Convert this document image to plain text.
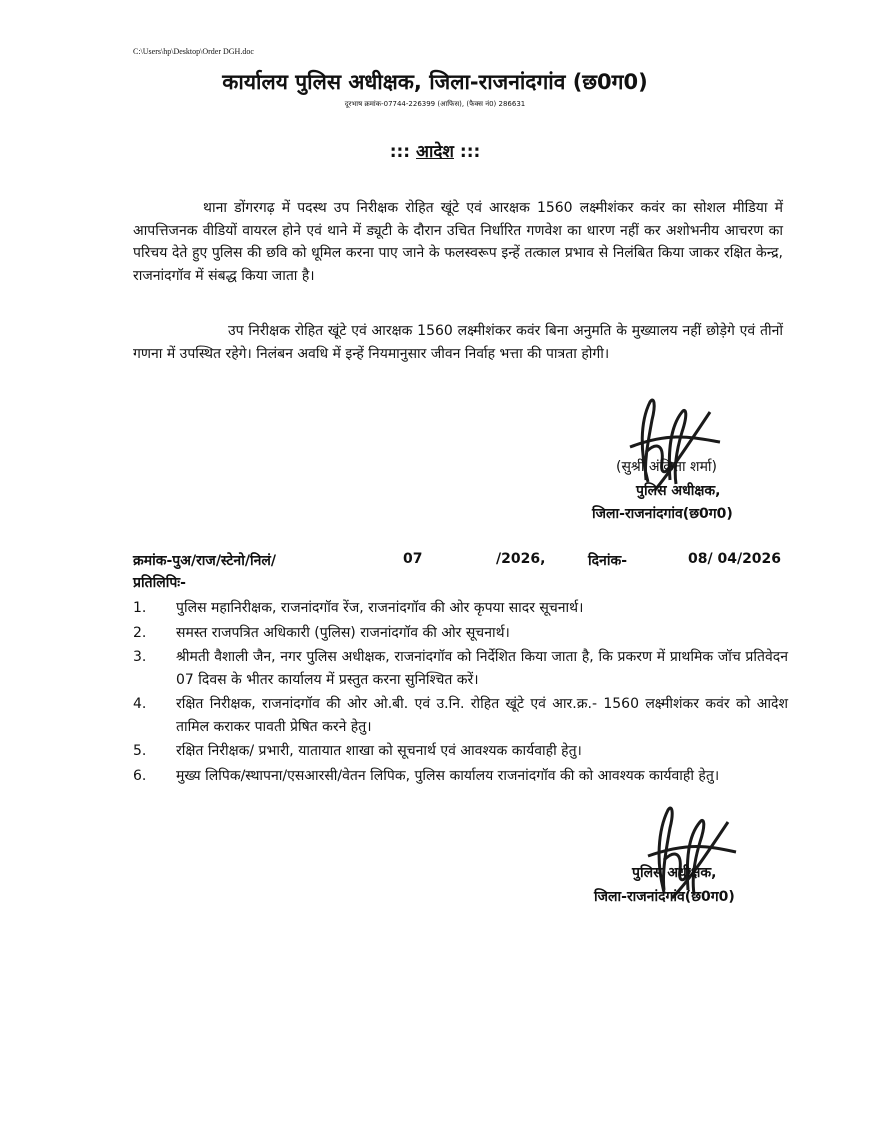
C:\Users\hp\Desktop\Order DGH.doc
कार्यालय पुलिस अधीक्षक, जिला-राजनांदगांव (छ0ग0)
दूरभाष क्रमांक-07744-226399 (आफिस), (फैक्स नं0) 286631
::: आदेश :::
थाना डोंगरगढ़ में पदस्थ उप निरीक्षक रोहित खूंटे एवं आरक्षक 1560 लक्ष्मीशंकर कवंर का सोशल मीडिया में आपत्तिजनक वीडियों वायरल होने एवं थाने में ड्यूटी के दौरान उचित निर्धारित गणवेश का धारण नहीं कर अशोभनीय आचरण का परिचय देते हुए पुलिस की छवि को धूमिल करना पाए जाने के फलस्वरूप इन्हें तत्काल प्रभाव से निलंबित किया जाकर रक्षित केन्द्र, राजनांदगॉव में संबद्ध किया जाता है।
उप निरीक्षक रोहित खूंटे एवं आरक्षक 1560 लक्ष्मीशंकर कवंर बिना अनुमति के मुख्यालय नहीं छोड़ेगे एवं तीनों गणना में उपस्थित रहेगे। निलंबन अवधि में इन्हें नियमानुसार जीवन निर्वाह भत्ता की पात्रता होगी।
(सुश्री अंकिता शर्मा)
पुलिस अधीक्षक,
जिला-राजनांदगांव(छ0ग0)
क्रमांक-पुअ/राज/स्टेनो/निलं/	07	/2026,	दिनांक-	08/ 04/2026
प्रतिलिपिः-
1. पुलिस महानिरीक्षक, राजनांदगॉव रेंज, राजनांदगॉव की ओर कृपया सादर सूचनार्थ।
2. समस्त राजपत्रित अधिकारी (पुलिस) राजनांदगॉव की ओर सूचनार्थ।
3. श्रीमती वैशाली जैन, नगर पुलिस अधीक्षक, राजनांदगॉव को निर्देशित किया जाता है, कि प्रकरण में प्राथमिक जॉच प्रतिवेदन 07 दिवस के भीतर कार्यालय में प्रस्तुत करना सुनिश्चित करें।
4. रक्षित निरीक्षक, राजनांदगॉव की ओर ओ.बी. एवं उ.नि. रोहित खूंटे एवं आर.क्र.- 1560 लक्ष्मीशंकर कवंर को आदेश तामिल कराकर पावती प्रेषित करने हेतु।
5. रक्षित निरीक्षक/ प्रभारी, यातायात शाखा को सूचनार्थ एवं आवश्यक कार्यवाही हेतु।
6. मुख्य लिपिक/स्थापना/एसआरसी/वेतन लिपिक, पुलिस कार्यालय राजनांदगॉव की को आवश्यक कार्यवाही हेतु।
पुलिस अधीक्षक,
जिला-राजनांदगांव(छ0ग0)
